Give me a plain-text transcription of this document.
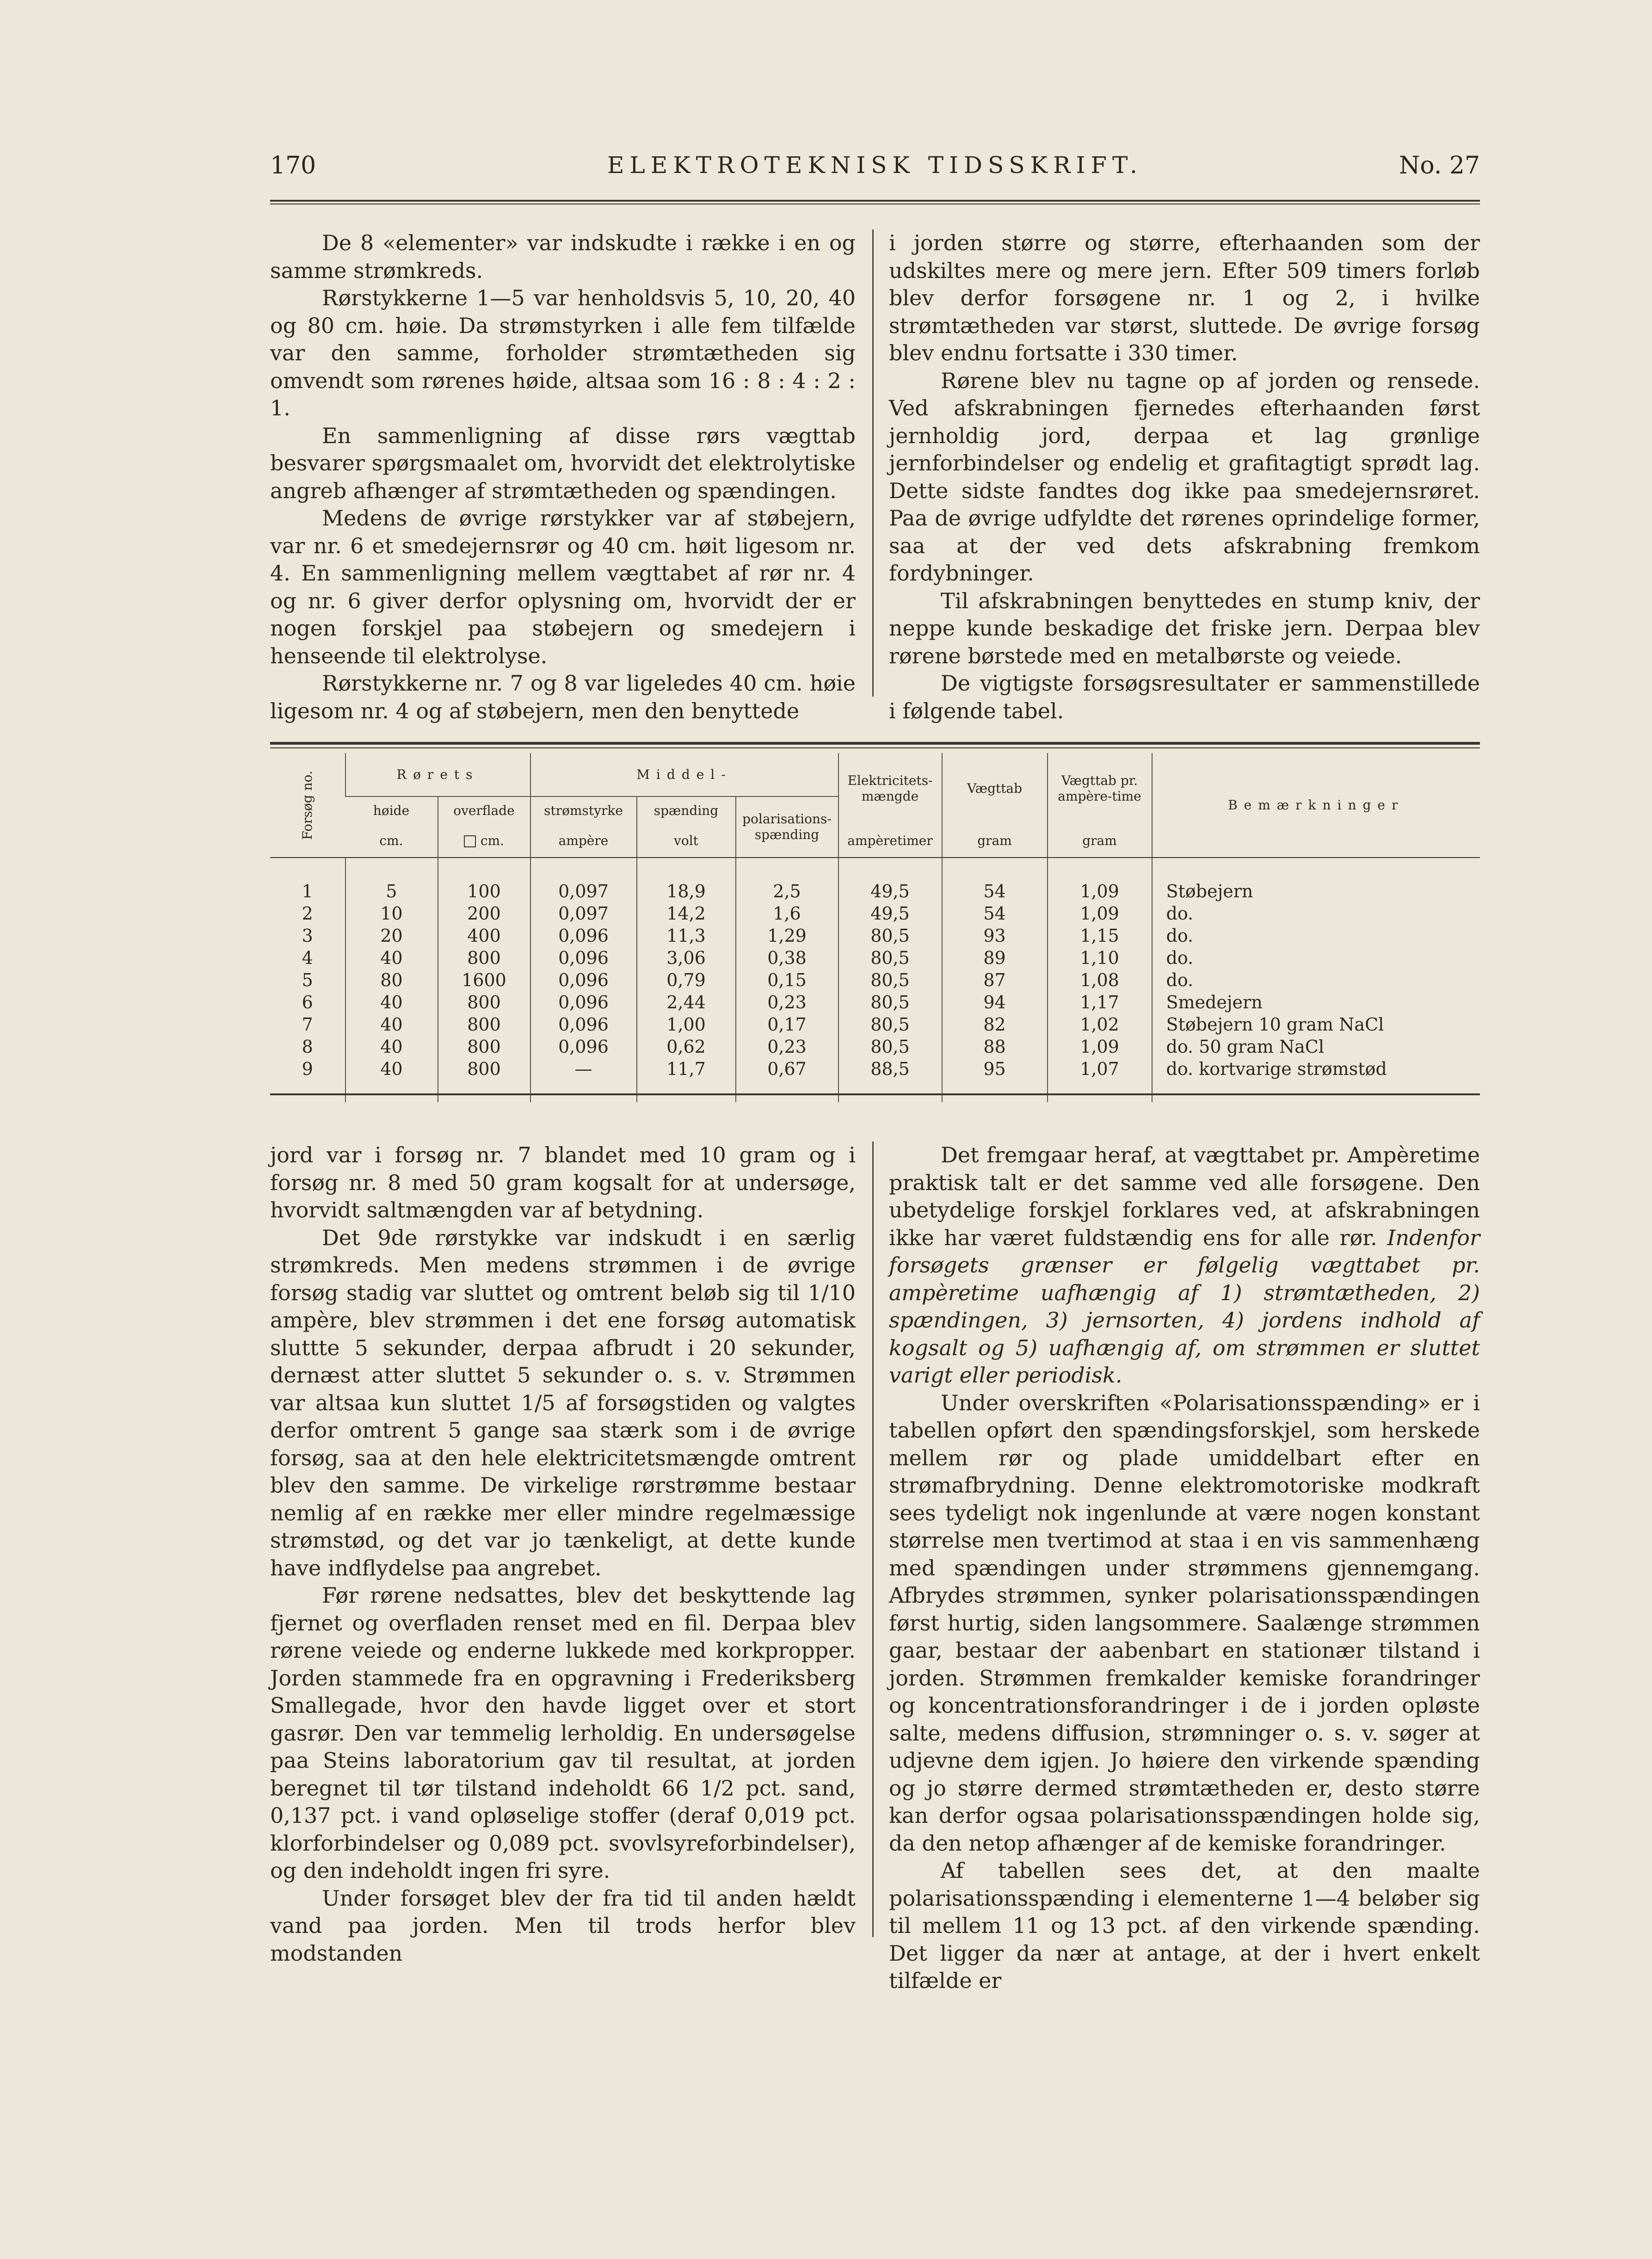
170	ELEKTROTEKNISK TIDSSKRIFT.	No. 27

De 8 «elementer» var indskudte i række i en og samme strømkreds.

Rørstykkerne 1—5 var henholdsvis 5, 10, 20, 40 og 80 cm. høie. Da strømstyrken i alle fem tilfælde var den samme, forholder strømtætheden sig omvendt som rørenes høide, altsaa som 16 : 8 : 4 : 2 : 1.

En sammenligning af disse rørs vægttab besvarer spørgsmaalet om, hvorvidt det elektrolytiske angreb afhænger af strømtætheden og spændingen.

Medens de øvrige rørstykker var af støbejern, var nr. 6 et smedejernsrør og 40 cm. høit ligesom nr. 4. En sammenligning mellem vægttabet af rør nr. 4 og nr. 6 giver derfor oplysning om, hvorvidt der er nogen forskjel paa støbejern og smedejern i henseende til elektrolyse.

Rørstykkerne nr. 7 og 8 var ligeledes 40 cm. høie ligesom nr. 4 og af støbejern, men den benyttede

i jorden større og større, efterhaanden som der udskiltes mere og mere jern. Efter 509 timers forløb blev derfor forsøgene nr. 1 og 2, i hvilke strømtætheden var størst, sluttede. De øvrige forsøg blev endnu fortsatte i 330 timer.

Rørene blev nu tagne op af jorden og rensede. Ved afskrabningen fjernedes efterhaanden først jernholdig jord, derpaa et lag grønlige jernforbindelser og endelig et grafitagtigt sprødt lag. Dette sidste fandtes dog ikke paa smedejernsrøret. Paa de øvrige udfyldte det rørenes oprindelige former, saa at der ved dets afskrabning fremkom fordybninger.

Til afskrabningen benyttedes en stump kniv, der neppe kunde beskadige det friske jern. Derpaa blev rørene børstede med en metalbørste og veiede.

De vigtigste forsøgsresultater er sammenstillede i følgende tabel.

Forsøg no.	Rørets		Middel-			Elektricitets-mængde	Vægttab	Vægttab pr. ampère-time	Bemærkninger
	høide	overflade	strømstyrke	spænding	polarisations-spænding				
	cm.	cm.	ampère	volt		ampèretimer	gram	gram	

1	5	100	0,097	18,9	2,5	49,5	54	1,09	Støbejern
2	10	200	0,097	14,2	1,6	49,5	54	1,09	do.
3	20	400	0,096	11,3	1,29	80,5	93	1,15	do.
4	40	800	0,096	3,06	0,38	80,5	89	1,10	do.
5	80	1600	0,096	0,79	0,15	80,5	87	1,08	do.
6	40	800	0,096	2,44	0,23	80,5	94	1,17	Smedejern
7	40	800	0,096	1,00	0,17	80,5	82	1,02	Støbejern 10 gram NaCl
8	40	800	0,096	0,62	0,23	80,5	88	1,09	do. 50 gram NaCl
9	40	800	—	11,7	0,67	88,5	95	1,07	do. kortvarige strømstød

jord var i forsøg nr. 7 blandet med 10 gram og i forsøg nr. 8 med 50 gram kogsalt for at undersøge, hvorvidt saltmængden var af betydning.

Det 9de rørstykke var indskudt i en særlig strømkreds. Men medens strømmen i de øvrige forsøg stadig var sluttet og omtrent beløb sig til 1/10 ampère, blev strømmen i det ene forsøg automatisk sluttte 5 sekunder, derpaa afbrudt i 20 sekunder, dernæst atter sluttet 5 sekunder o. s. v. Strømmen var altsaa kun sluttet 1/5 af forsøgstiden og valgtes derfor omtrent 5 gange saa stærk som i de øvrige forsøg, saa at den hele elektricitetsmængde omtrent blev den samme. De virkelige rørstrømme bestaar nemlig af en række mer eller mindre regelmæssige strømstød, og det var jo tænkeligt, at dette kunde have indflydelse paa angrebet.

Før rørene nedsattes, blev det beskyttende lag fjernet og overfladen renset med en fil. Derpaa blev rørene veiede og enderne lukkede med korkpropper. Jorden stammede fra en opgravning i Frederiksberg Smallegade, hvor den havde ligget over et stort gasrør. Den var temmelig lerholdig. En undersøgelse paa Steins laboratorium gav til resultat, at jorden beregnet til tør tilstand indeholdt 66 1/2 pct. sand, 0,137 pct. i vand opløselige stoffer (deraf 0,019 pct. klorforbindelser og 0,089 pct. svovlsyreforbindelser), og den indeholdt ingen fri syre.

Under forsøget blev der fra tid til anden hældt vand paa jorden. Men til trods herfor blev modstanden

Det fremgaar heraf, at vægttabet pr. Ampèretime praktisk talt er det samme ved alle forsøgene. Den ubetydelige forskjel forklares ved, at afskrabningen ikke har været fuldstændig ens for alle rør. Indenfor forsøgets grænser er følgelig vægttabet pr. ampèretime uafhængig af 1) strømtætheden, 2) spændingen, 3) jernsorten, 4) jordens indhold af kogsalt og 5) uafhængig af, om strømmen er sluttet varigt eller periodisk.

Under overskriften «Polarisationsspænding» er i tabellen opført den spændingsforskjel, som herskede mellem rør og plade umiddelbart efter en strømafbrydning. Denne elektromotoriske modkraft sees tydeligt nok ingenlunde at være nogen konstant størrelse men tvertimod at staa i en vis sammenhæng med spændingen under strømmens gjennemgang. Afbrydes strømmen, synker polarisationsspændingen først hurtig, siden langsommere. Saalænge strømmen gaar, bestaar der aabenbart en stationær tilstand i jorden. Strømmen fremkalder kemiske forandringer og koncentrationsforandringer i de i jorden opløste salte, medens diffusion, strømninger o. s. v. søger at udjevne dem igjen. Jo høiere den virkende spænding og jo større dermed strømtætheden er, desto større kan derfor ogsaa polarisationsspændingen holde sig, da den netop afhænger af de kemiske forandringer.

Af tabellen sees det, at den maalte polarisationsspænding i elementerne 1—4 beløber sig til mellem 11 og 13 pct. af den virkende spænding. Det ligger da nær at antage, at der i hvert enkelt tilfælde er
